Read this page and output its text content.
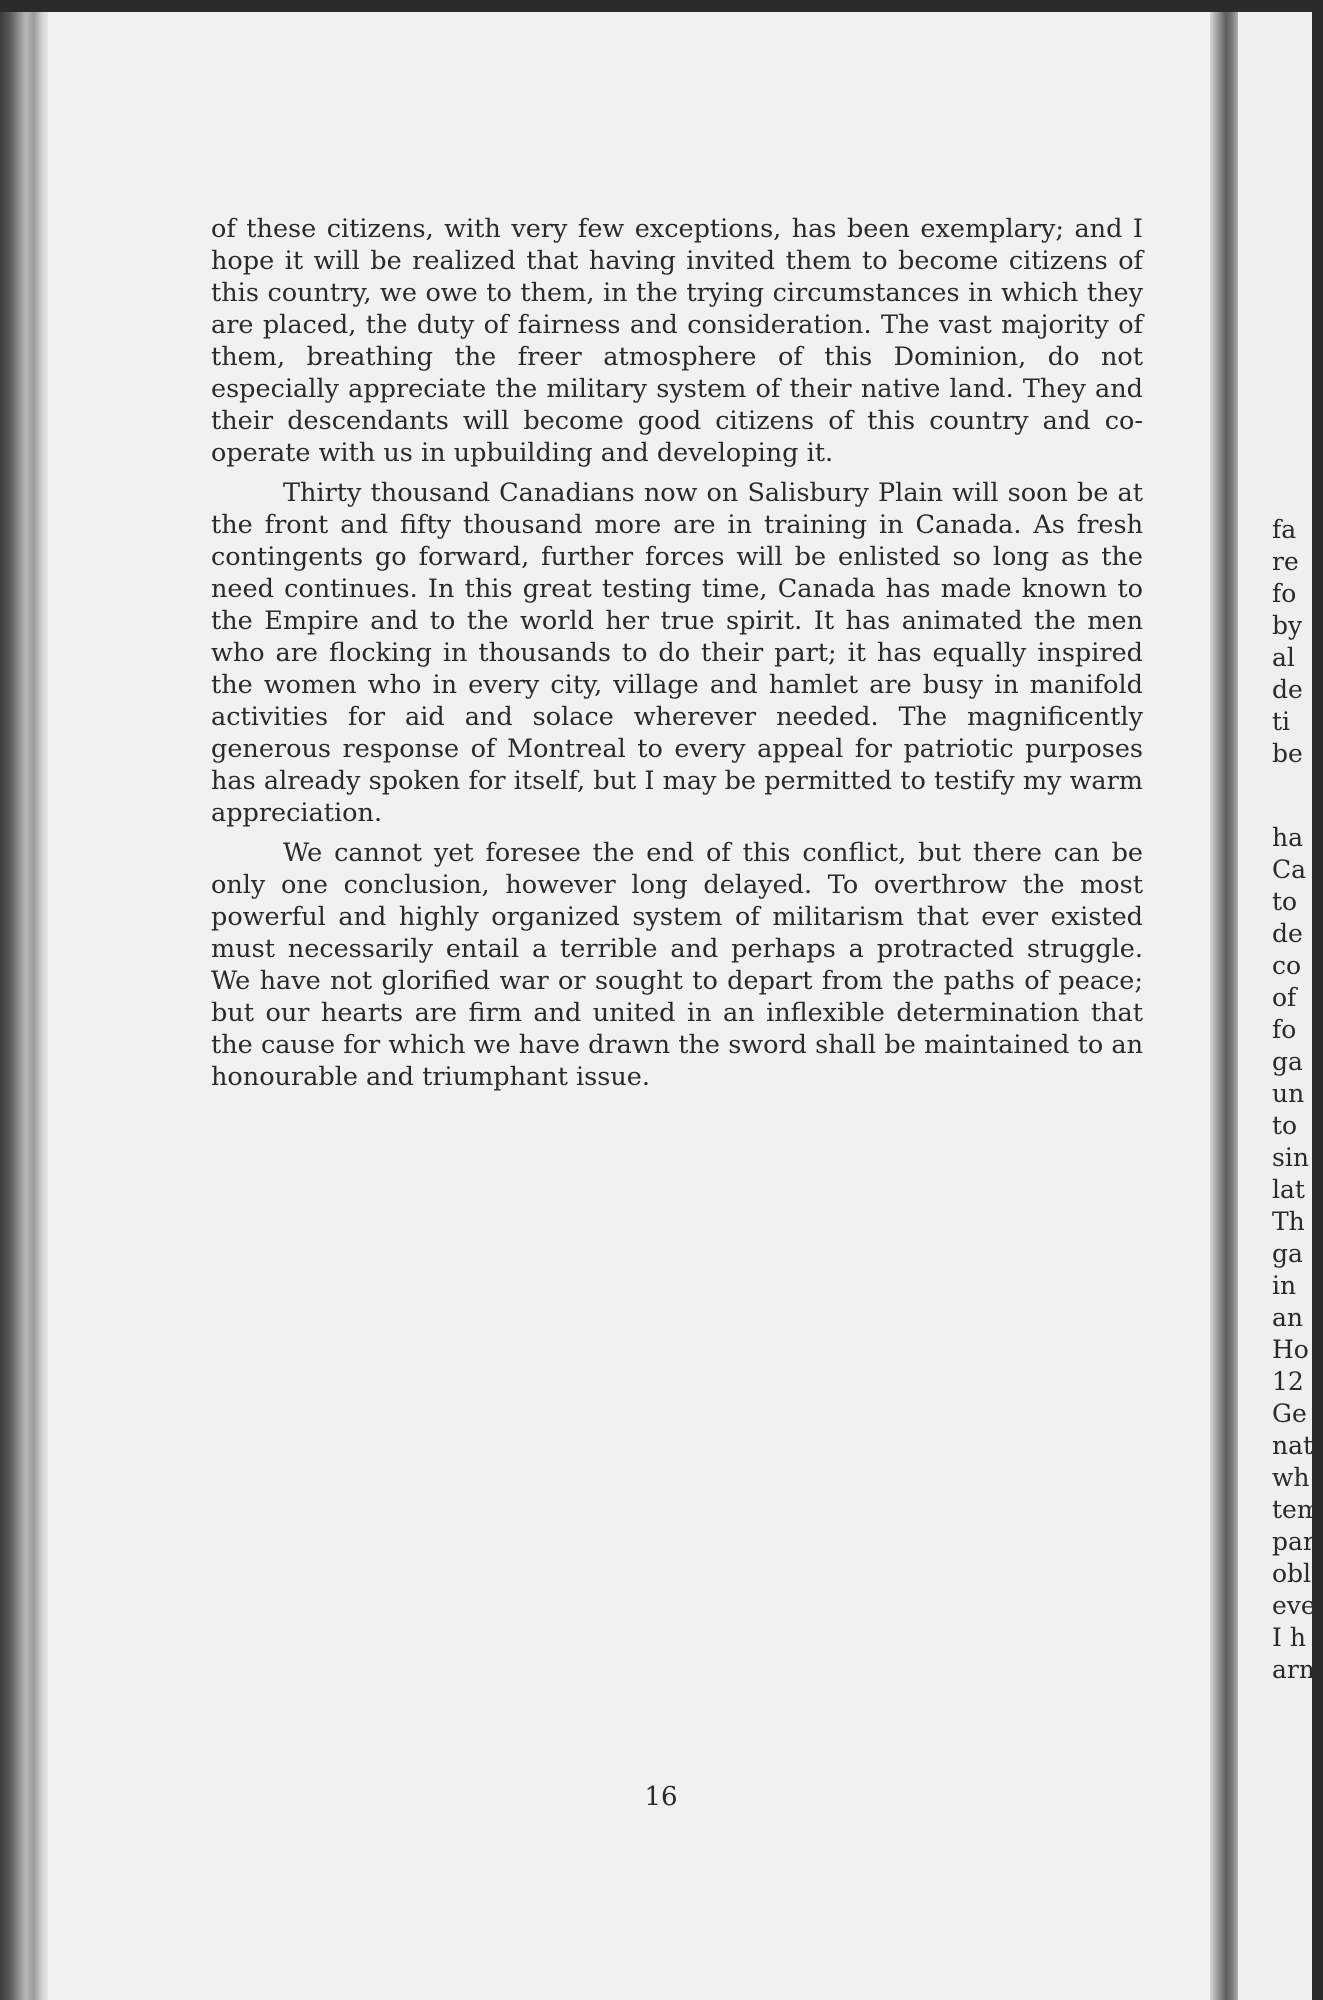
of these citizens, with very few exceptions, has been exemplary; and I hope it will be realized that having invited them to become citizens of this country, we owe to them, in the trying circumstances in which they are placed, the duty of fairness and consideration. The vast majority of them, breathing the freer atmosphere of this Dominion, do not especially appreciate the military system of their native land. They and their descendants will become good citizens of this country and co-operate with us in upbuilding and developing it.

Thirty thousand Canadians now on Salisbury Plain will soon be at the front and fifty thousand more are in training in Canada. As fresh contingents go forward, further forces will be enlisted so long as the need continues. In this great testing time, Canada has made known to the Empire and to the world her true spirit. It has animated the men who are flocking in thousands to do their part; it has equally inspired the women who in every city, village and hamlet are busy in manifold activities for aid and solace wherever needed. The magnificently generous response of Montreal to every appeal for patriotic purposes has already spoken for itself, but I may be permitted to testify my warm appreciation.

We cannot yet foresee the end of this conflict, but there can be only one conclusion, however long delayed. To overthrow the most powerful and highly organized system of militarism that ever existed must necessarily entail a terrible and perhaps a protracted struggle. We have not glorified war or sought to depart from the paths of peace; but our hearts are firm and united in an inflexible determination that the cause for which we have drawn the sword shall be maintained to an honourable and triumphant issue.

16
fa
re
fo
by
al
de
ti
be
ha
Ca
to
de
co
of
fo
ga
un
to
sin
lat
Th
ga
in
an
Ho
12
Ge
nat
wh
tem
par
obl
eve
I h
arm
